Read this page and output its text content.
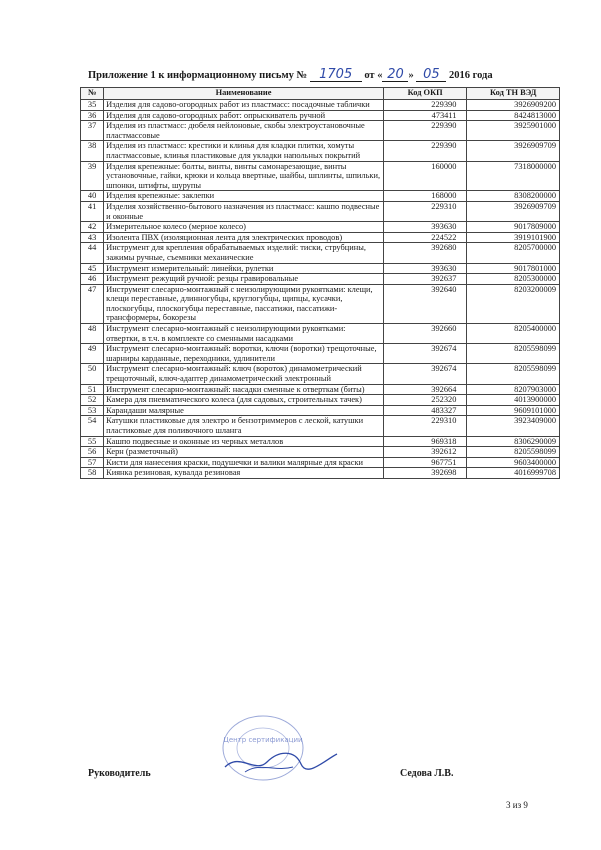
Приложение 1 к информационному письму № 1705 от « 20 » 05 2016 года
№	Наименование	Код ОКП	Код ТН ВЭД
35	Изделия для садово-огородных работ из пластмасс: посадочные таблички	229390	3926909200
36	Изделия для садово-огородных работ: опрыскиватель ручной	473411	8424813000
37	Изделия из пластмасс: дюбеля нейлоновые, скобы электроустановочные пластмассовые	229390	3925901000
38	Изделия из пластмасс: крестики и клинья для кладки плитки, хомуты пластмассовые, клинья пластиковые для укладки напольных покрытий	229390	3926909709
39	Изделия крепежные: болты, винты, винты самонарезающие, винты установочные, гайки, крюки и кольца ввертные, шайбы, шплинты, шпильки, шпонки, штифты, шурупы	160000	7318000000
40	Изделия крепежные: заклепки	168000	8308200000
41	Изделия хозяйственно-бытового назначения из пластмасс: кашпо подвесные и оконные	229310	3926909709
42	Измерительное колесо (мерное колесо)	393630	9017809000
43	Изолента ПВХ (изоляционная лента для электрических проводов)	224522	3919101900
44	Инструмент для крепления обрабатываемых изделий: тиски, струбцины, зажимы ручные, съемники механические	392680	8205700000
45	Инструмент измерительный: линейки, рулетки	393630	9017801000
46	Инструмент режущий ручной: резцы гравировальные	392637	8205300000
47	Инструмент слесарно-монтажный с неизолирующими рукоятками: клещи, клещи переставные, длинногубцы, круглогубцы, щипцы, кусачки, плоскогубцы, плоскогубцы переставные, пассатижи, пассатижи-трансформеры, бокорезы	392640	8203200009
48	Инструмент слесарно-монтажный с неизолирующими рукоятками: отвертки, в т.ч. в комплекте со сменными насадками	392660	8205400000
49	Инструмент слесарно-монтажный: воротки, ключи (воротки) трещоточные, шарниры карданные, переходники, удлинители	392674	8205598099
50	Инструмент слесарно-монтажный: ключ (вороток) динамометрический трещоточный, ключ-адаптер динамометрический электронный	392674	8205598099
51	Инструмент слесарно-монтажный: насадки сменные к отверткам (биты)	392664	8207903000
52	Камера для пневматического колеса (для садовых, строительных тачек)	252320	4013900000
53	Карандаши малярные	483327	9609101000
54	Катушки пластиковые для электро и бензотриммеров с леской, катушки пластиковые для поливочного шланга	229310	3923409000
55	Кашпо подвесные и оконные из черных металлов	969318	8306290009
56	Керн (разметочный)	392612	8205598099
57	Кисти для нанесения краски, подушечки и валики малярные для краски	967751	9603400000
58	Киянка резиновая, кувалда резиновая	392698	4016999708
Центр сертификации
Руководитель	Седова Л.В.
3 из 9
